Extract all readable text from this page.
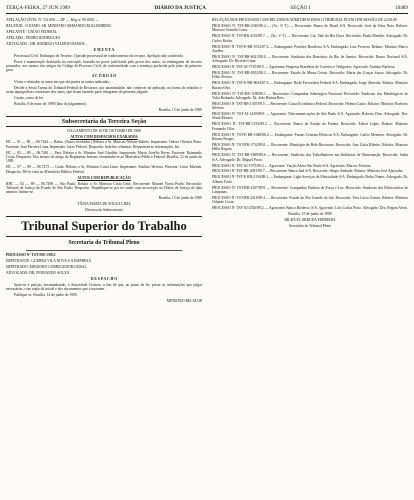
TERÇA-FEIRA, 27 JUN 1989	DIÁRIO DA JUSTIÇA	SEÇÃO I	10489

APELAÇÃO CÍVEL Nº 131.006 — DF — Reg. nº 89.0001 —

RELATOR : O EXMO. SR. MINISTRO ARMANDO ROLLEMBERG

APELANTE : UNIÃO FEDERAL

APELADO : PEDRO RODRIGUES

ADVOGADO : DR. RODRIGO VALERIO RAMOS

E M E N T A

Processual Civil. Embargos de Terceiro. Questão processual de conhecimento do recurso. Apelação não conhecida.

Posse e manutenção destituída na execução, baseada na posse justificada pela prova dos autos, ao embargante de terceiro possuidor, nos termos dos artigos do Código de Processo Civil, de conformidade com a sentença proferida pelo juízo de primeiro grau.

A C Ó R D Ã O

Vistos e relatados os autos em que são partes as acima indicadas.

Decide a Sexta Turma do Tribunal Federal de Recursos, por unanimidade, não conhecer da apelação, na forma do relatório e notas taquigráficas constantes dos autos, que ficam fazendo parte integrante do presente julgado.

Custas, como de lei.

Brasília, 8 de maio de 1989 (data do julgamento).

Brasília, 15 de junho de 1989

Subsecretaria da Terceira Seção

JULGAMENTO DE 10 DE OUTUBRO DE 1988

AUTOS COM DESPACHOS EXARADOS

HC — 01 — 89 — 06.7444 — Bahia. (Autos recebidos.) Relator o Sr. Ministro Nelson Rabelo. Impetrante: Otávio Oliveira Pinto. Paciente: José Ferreira Lima. Impetrado: Juízo Federal. Despacho: Indefiro a liminar. Requisitem-se informações. Int.

HC — 05 — 89 — 06.7461 — Pará. Relator o Sr. Ministro José Cândido. Impetrante: Marco Aurélio Neves. Paciente: Raimundo Costa. Despacho: Nos termos do artigo do Regimento Interno, encaminhe-se ao Ministério Público Federal. Brasília, 12 de junho de 1989.

HC — 07 — 89 — 06.7473 — Goiás. Relator o Sr. Ministro Costa Lima. Impetrante: Antônio Silveira. Paciente: Lúcio Martins. Despacho: Dê-se vista ao Ministério Público Federal.

AUTOS COM REPUBLICAÇÃO

RHC — 02 — 89 — 06.7490 — São Paulo. Relator o Sr. Ministro Costa Leite. Recorrente: Manoel Vieira Prado. Recorrido: Tribunal de Justiça do Estado de São Paulo. Despacho: Republique-se por ter saído com incorreção no Diário da Justiça da data anterior. Intime-se.

Brasília, 15 de junho de 1989

TÂNIA MARIA DE SOUZA LIMA

Diretora da Subsecretaria

Tribunal Superior do Trabalho
Secretaria do Tribunal Pleno

PROCESSO Nº TST-MS-1/89.3

IMPETRANTE: GUERRA VILA NOVA S/A EMPRESA

IMPETRADO: MINISTRO CORREGEDOR-GERAL

ADVOGADO: DR. FERNANDO SOUZA

D E S P A C H O

Junte-se a petição, encaminhando, à Autoridade Coatora, a fim de que, no prazo de lei, preste as informações que julgar necessárias, com cópia da inicial e dos documentos que a instruem.

Publique-se. Brasília, 14 de junho de 1989.

MINISTRO RELATOR

RELAÇÃO DOS PROCESSOS COM RECURSOS ADMITIDOS PARA O TRIBUNAL PLENO EM SESSÃO DE 22.06.89

PROCESSO Nº TST-RR-2340/88.4 — (Ac. 3ª T.) — Recorrente: Banco do Brasil S/A. Recorrido: José da Silva Neto. Relator: Ministro Orlando Costa.

PROCESSO Nº TST-RR-4119/88.7 — (Ac. 1ª T.) — Recorrente: Cia. Vale do Rio Doce. Recorrido: Paulo Mendes. Advogado: Dr. Carlos Rocha.

PROCESSO Nº TST-E-RR-5512/87.2 — Embargante: Petróleo Brasileiro S/A. Embargado: Luiz Ferreira. Relator: Ministro Marco Aurélio.

PROCESSO Nº TST-RR-6021/88.0 — Recorrente: Sindicato dos Bancários do Rio de Janeiro. Recorrido: Banco Nacional S/A. Advogado: Dr. Ricardo Lima.

PROCESSO Nº TST-AI-7735/88.9 — Agravante: Empresa Brasileira de Correios e Telégrafos. Agravado: Antônio Barbosa.

PROCESSO Nº TST-RR-8102/88.3 — Recorrente: Estado de Minas Gerais. Recorrido: Maria das Graças Souza. Advogado: Dr. Fábio Pereira.

PROCESSO Nº TST-E-RR-9044/87.6 — Embargante: Rede Ferroviária Federal S/A. Embargado: Jorge Almeida. Relator: Ministro Barata Silva.

PROCESSO Nº TST-RR-1188/89.1 — Recorrente: Companhia Siderúrgica Nacional. Recorrido: Sindicato dos Metalúrgicos de Volta Redonda. Advogado: Dr. João Batista Reis.

PROCESSO Nº TST-RR-1307/89.5 — Recorrente: Caixa Econômica Federal. Recorrido: Helena Castro. Relator: Ministro Norberto Silveira.

PROCESSO Nº TST-AI-1420/89.8 — Agravante: Telecomunicações de São Paulo S/A. Agravado: Roberto Dias. Advogado: Dra. Sônia Moraes.

PROCESSO Nº TST-RR-1533/89.2 — Recorrente: Banco do Estado do Paraná. Recorrido: Edson Lopes. Relator: Ministro Fernando Vilar.

PROCESSO Nº TST-E-RR-1648/88.4 — Embargante: Furnas Centrais Elétricas S/A. Embargado: Carlos Menezes. Advogado: Dr. Renato Borges.

PROCESSO Nº TST-RR-1752/89.0 — Recorrente: Município de Belo Horizonte. Recorrido: Ana Lúcia Ribeiro. Relator: Ministro Hélio Regato.

PROCESSO Nº TST-RR-1869/89.6 — Recorrente: Sindicato dos Trabalhadores nas Indústrias de Alimentação. Recorrido: Sadia S/A. Advogado: Dr. Miguel Porto.

PROCESSO Nº TST-AI-1975/89.3 — Agravante: Viação Aérea São Paulo S/A. Agravado: Marcos Teixeira.

PROCESSO Nº TST-RR-2081/89.7 — Recorrente: Banco Itaú S/A. Recorrido: Sérgio Andrade. Relator: Ministro José Ajuricaba.

PROCESSO Nº TST-E-RR-2194/88.1 — Embargante: Light Serviços de Eletricidade S/A. Embargado: Pedro Nunes. Advogado: Dr. Alberto Faria.

PROCESSO Nº TST-RR-2307/89.9 — Recorrente: Companhia Paulista de Força e Luz. Recorrido: Sindicato dos Eletricitários de Campinas.

PROCESSO Nº TST-RR-2418/89.4 — Recorrente: Estado do Rio Grande do Sul. Recorrido: Vera Lúcia Gomes. Relator: Ministro Orlando Costa.

PROCESSO Nº TST-AI-2526/89.2 — Agravante: Banco Bradesco S/A. Agravado: Luís Carlos Pinto. Advogado: Dra. Regina Alves.

Brasília, 15 de junho de 1989

HILDA M. ARRUDA FERREIRA

Secretária do Tribunal Pleno
